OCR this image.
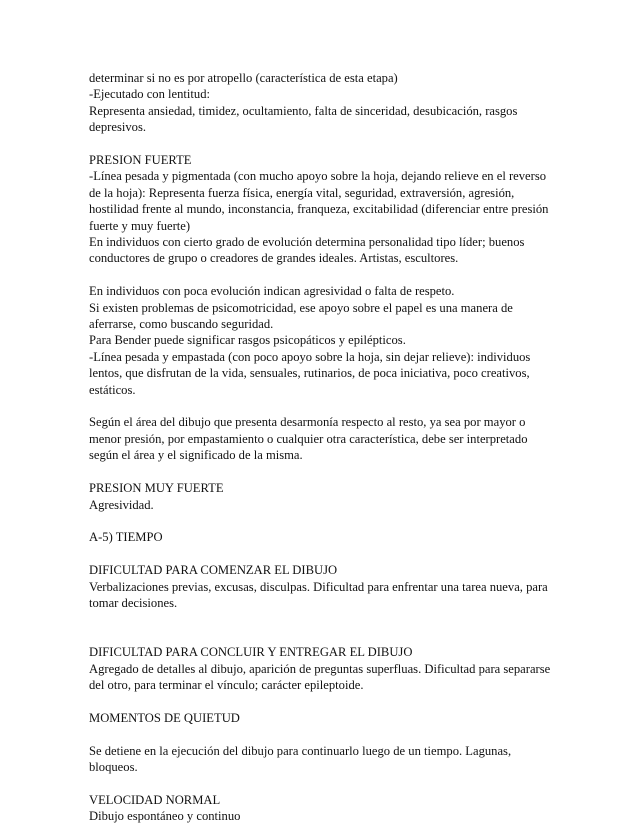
determinar si no es por atropello (característica de esta etapa)

-Ejecutado con lentitud:

Representa ansiedad, timidez, ocultamiento, falta de sinceridad, desubicación, rasgos

depresivos.

PRESION FUERTE

-Línea pesada y pigmentada (con mucho apoyo sobre la hoja, dejando relieve en el reverso

de la hoja): Representa fuerza física, energía vital, seguridad, extraversión, agresión,

hostilidad frente al mundo, inconstancia, franqueza, excitabilidad (diferenciar entre presión

fuerte y muy fuerte)

En individuos con cierto grado de evolución determina personalidad tipo líder; buenos

conductores de grupo o creadores de grandes ideales. Artistas, escultores.

En individuos con poca evolución indican agresividad o falta de respeto.

Si existen problemas de psicomotricidad, ese apoyo sobre el papel es una manera de

aferrarse, como buscando seguridad.

Para Bender puede significar rasgos psicopáticos y epilépticos.

-Línea pesada y empastada (con poco apoyo sobre la hoja, sin dejar relieve): individuos

lentos, que disfrutan de la vida, sensuales, rutinarios, de poca iniciativa, poco creativos,

estáticos.

Según el área del dibujo que presenta desarmonía respecto al resto, ya sea por mayor o

menor presión, por empastamiento o cualquier otra característica, debe ser interpretado

según el área y el significado de la misma.

PRESION MUY FUERTE

Agresividad.

A-5) TIEMPO

DIFICULTAD PARA COMENZAR EL DIBUJO

Verbalizaciones previas, excusas, disculpas. Dificultad para enfrentar una tarea nueva, para

tomar decisiones.

DIFICULTAD PARA CONCLUIR Y ENTREGAR EL DIBUJO

Agregado de detalles al dibujo, aparición de preguntas superfluas. Dificultad para separarse

del otro, para terminar el vínculo; carácter epileptoide.

MOMENTOS DE QUIETUD

Se detiene en la ejecución del dibujo para continuarlo luego de un tiempo. Lagunas,

bloqueos.

VELOCIDAD NORMAL

Dibujo espontáneo y continuo
